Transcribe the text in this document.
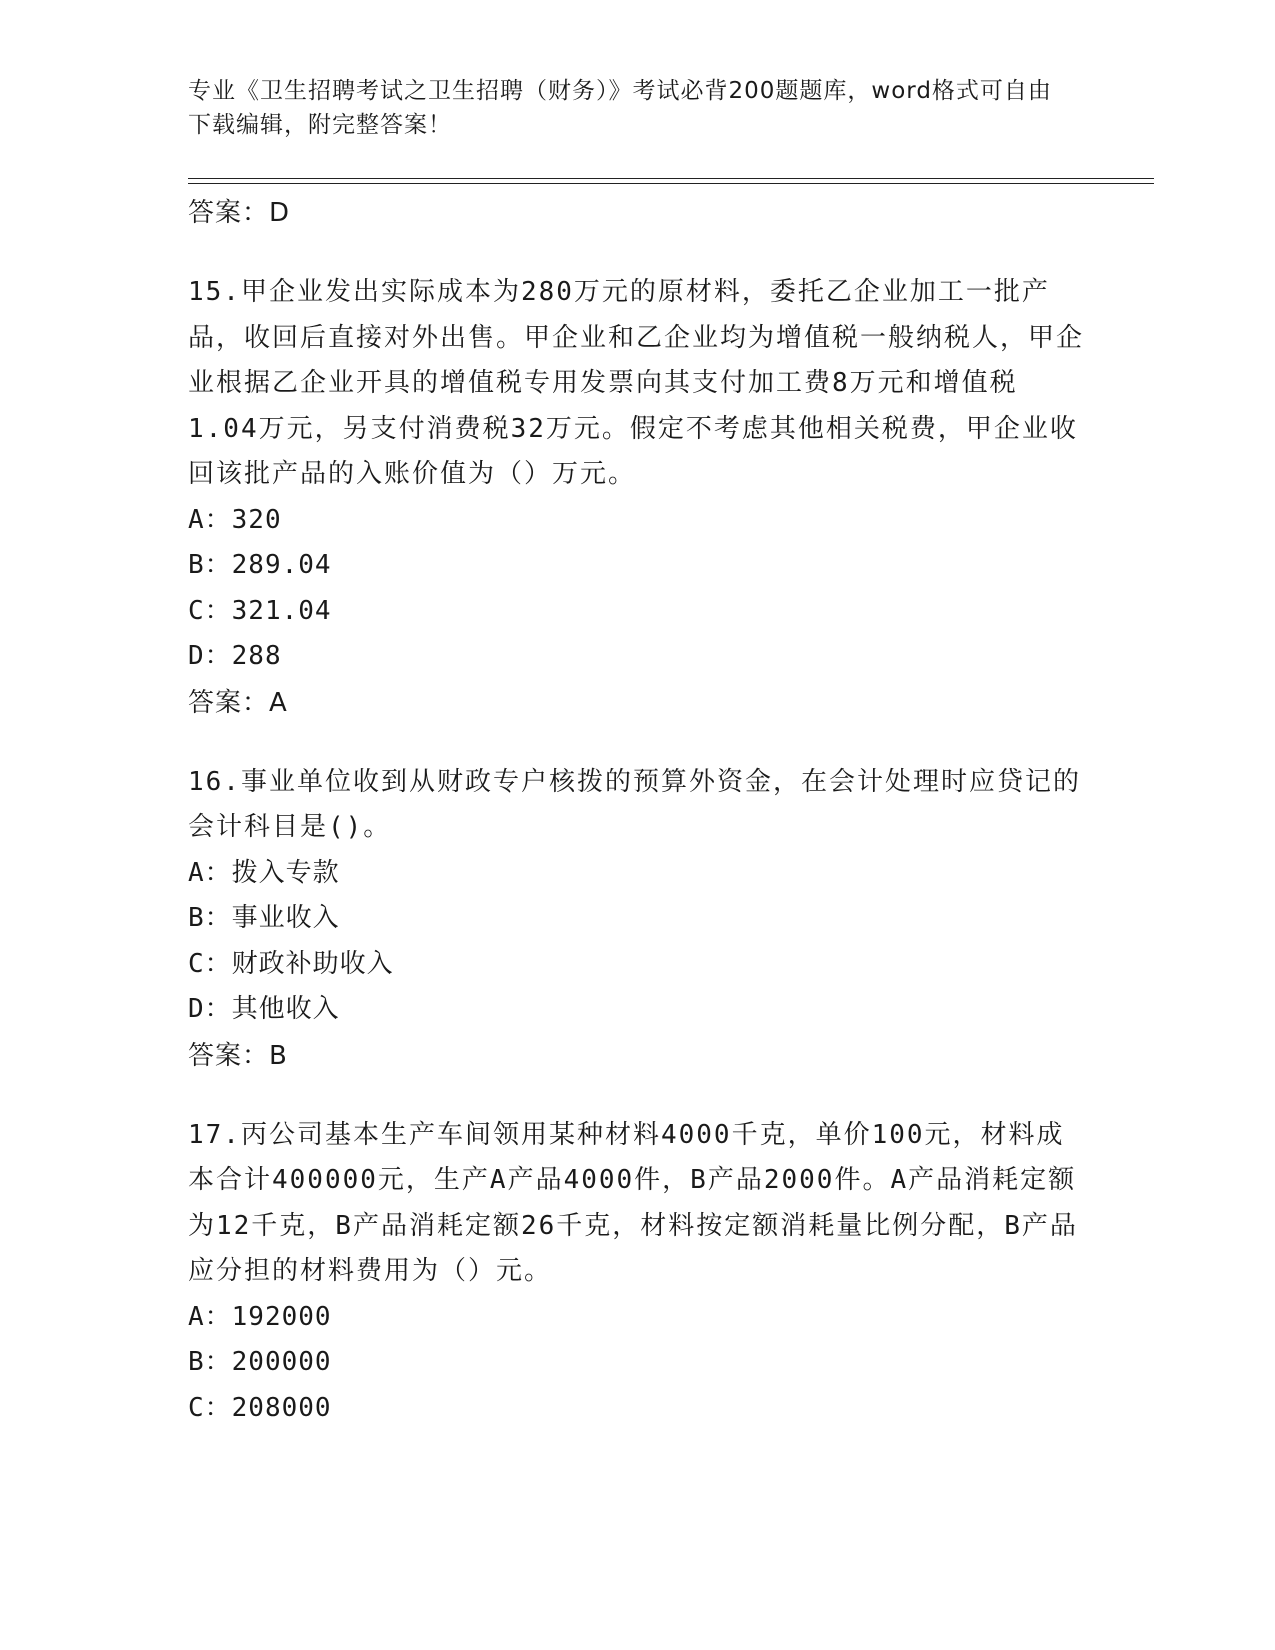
专业《卫生招聘考试之卫生招聘（财务）》考试必背200题题库，word格式可自由下载编辑，附完整答案！
答案：D

15.甲企业发出实际成本为280万元的原材料，委托乙企业加工一批产品，收回后直接对外出售。甲企业和乙企业均为增值税一般纳税人，甲企业根据乙企业开具的增值税专用发票向其支付加工费8万元和增值税1.04万元，另支付消费税32万元。假定不考虑其他相关税费，甲企业收回该批产品的入账价值为（）万元。

A：320
B：289.04
C：321.04
D：288
答案：A

16.事业单位收到从财政专户核拨的预算外资金，在会计处理时应贷记的会计科目是()。

A：拨入专款
B：事业收入
C：财政补助收入
D：其他收入
答案：B

17.丙公司基本生产车间领用某种材料4000千克，单价100元，材料成本合计400000元，生产A产品4000件，B产品2000件。A产品消耗定额为12千克，B产品消耗定额26千克，材料按定额消耗量比例分配，B产品应分担的材料费用为（）元。

A：192000
B：200000
C：208000
